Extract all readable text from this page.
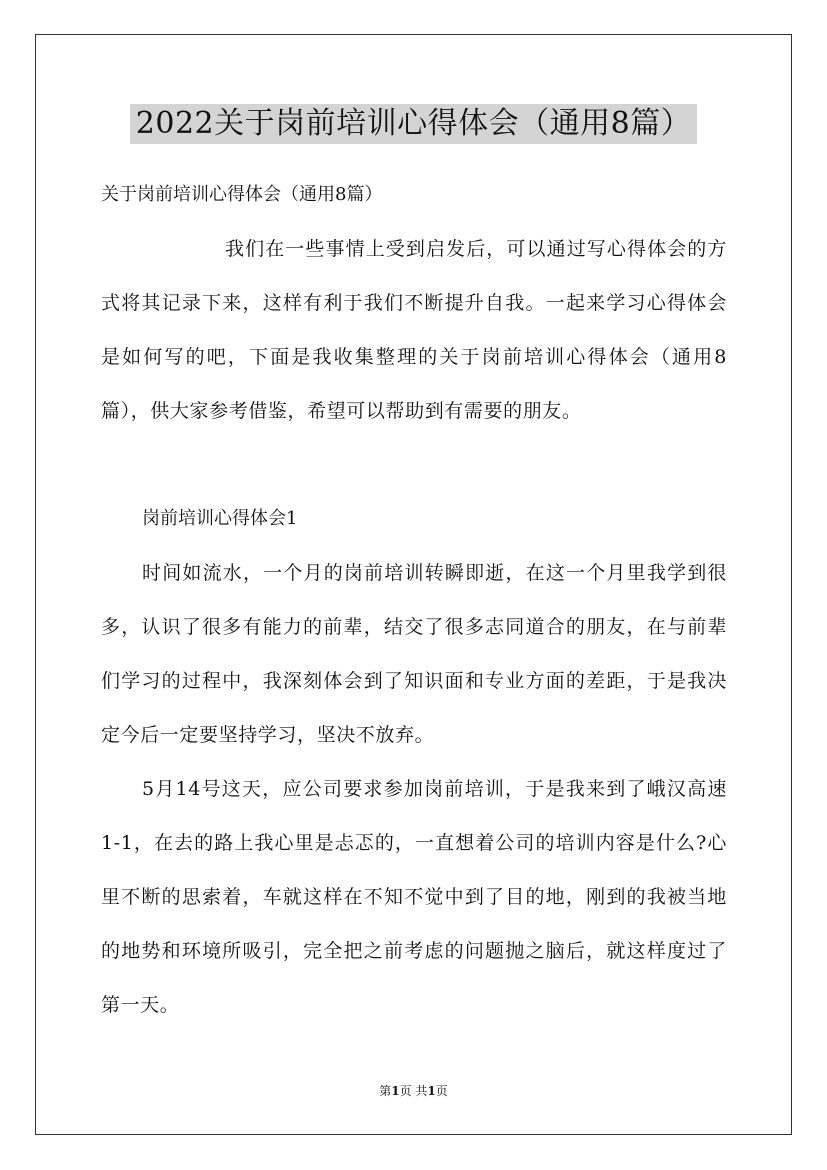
2022关于岗前培训心得体会（通用8篇）
关于岗前培训心得体会（通用8篇）

我们在一些事情上受到启发后，可以通过写心得体会的方式将其记录下来，这样有利于我们不断提升自我。一起来学习心得体会是如何写的吧，下面是我收集整理的关于岗前培训心得体会（通用8篇），供大家参考借鉴，希望可以帮助到有需要的朋友。

岗前培训心得体会1

时间如流水，一个月的岗前培训转瞬即逝，在这一个月里我学到很多，认识了很多有能力的前辈，结交了很多志同道合的朋友，在与前辈们学习的过程中，我深刻体会到了知识面和专业方面的差距，于是我决定今后一定要坚持学习，坚决不放弃。

5月14号这天，应公司要求参加岗前培训，于是我来到了峨汉高速1-1，在去的路上我心里是忐忑的，一直想着公司的培训内容是什么?心里不断的思索着，车就这样在不知不觉中到了目的地，刚到的我被当地的地势和环境所吸引，完全把之前考虑的问题抛之脑后，就这样度过了第一天。

第1页 共1页
